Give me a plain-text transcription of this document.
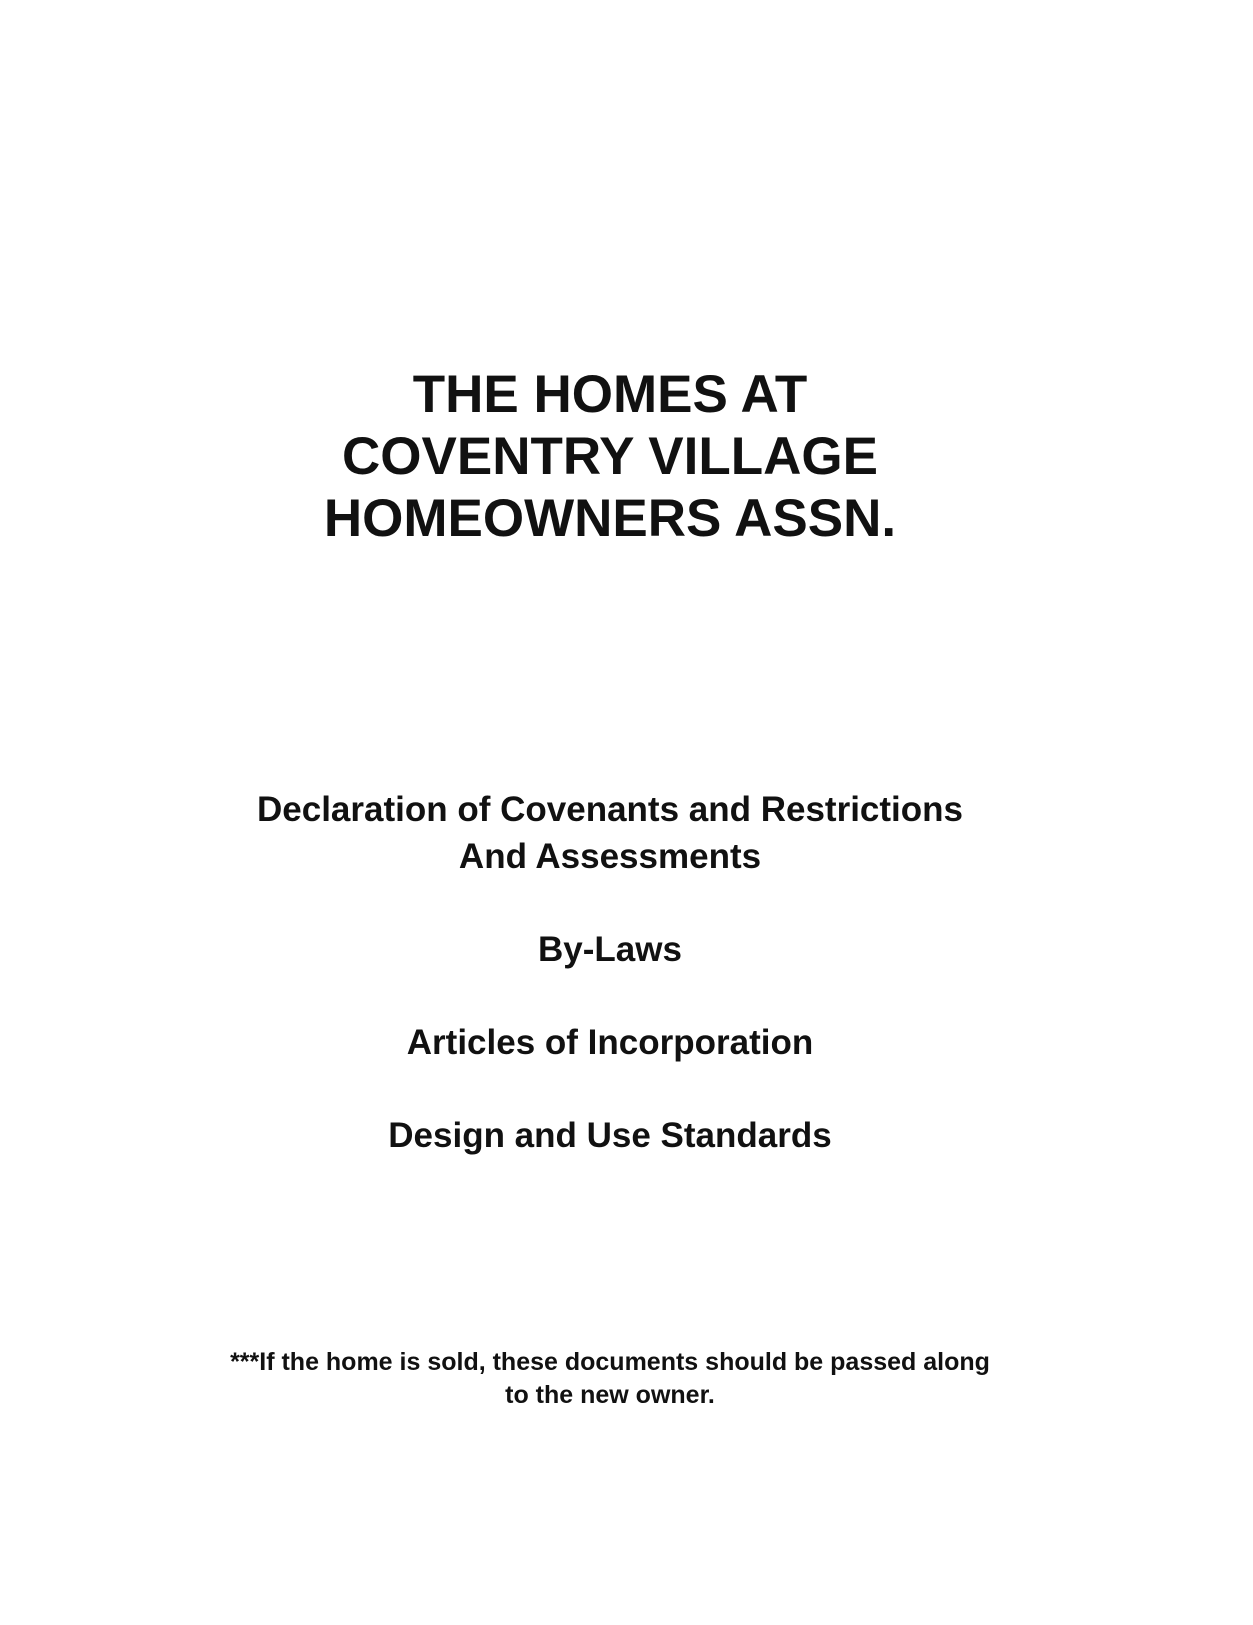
THE HOMES AT
COVENTRY VILLAGE
HOMEOWNERS ASSN.
Declaration of Covenants and Restrictions
And Assessments
By-Laws
Articles of Incorporation
Design and Use Standards
***If the home is sold, these documents should be passed along
to the new owner.
